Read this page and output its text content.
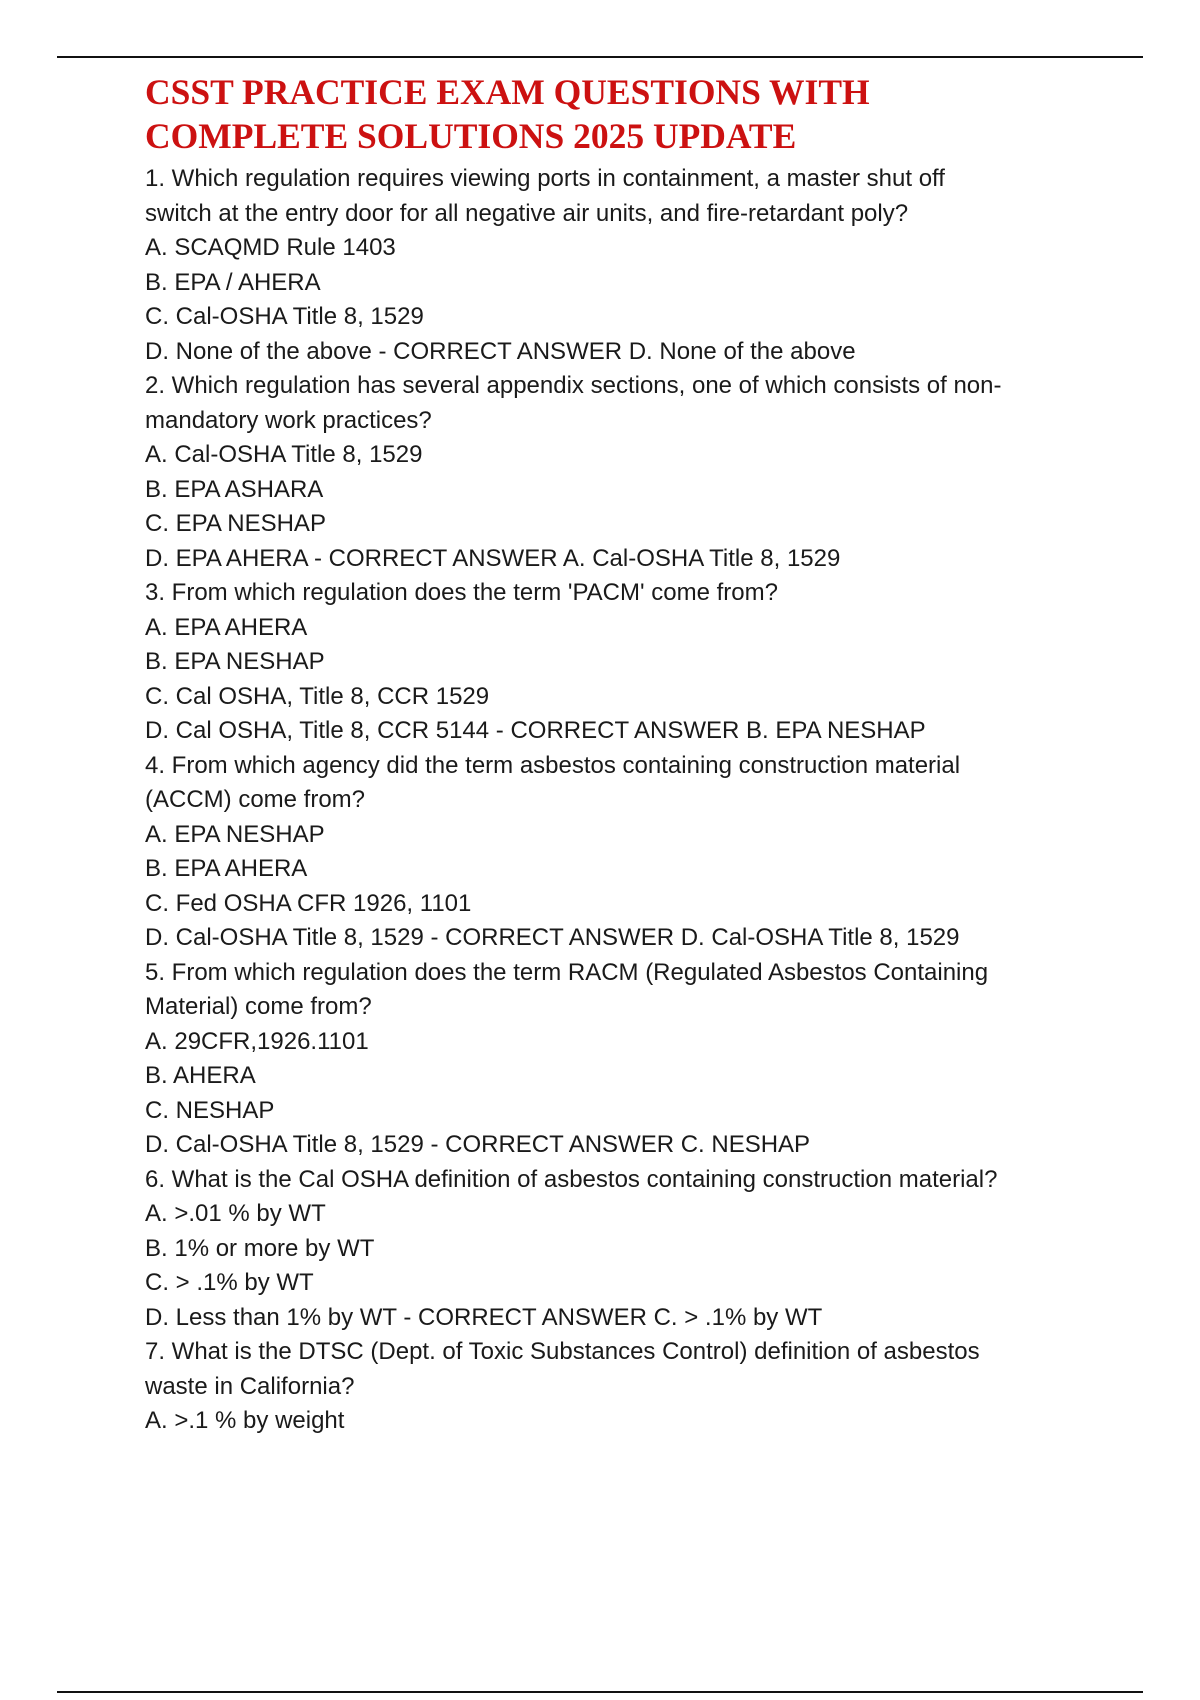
CSST PRACTICE EXAM QUESTIONS WITH
COMPLETE SOLUTIONS 2025 UPDATE
1. Which regulation requires viewing ports in containment, a master shut off
switch at the entry door for all negative air units, and fire-retardant poly?
A. SCAQMD Rule 1403
B. EPA / AHERA
C. Cal-OSHA Title 8, 1529
D. None of the above - CORRECT ANSWER D. None of the above
2. Which regulation has several appendix sections, one of which consists of non-
mandatory work practices?
A. Cal-OSHA Title 8, 1529
B. EPA ASHARA
C. EPA NESHAP
D. EPA AHERA - CORRECT ANSWER A. Cal-OSHA Title 8, 1529
3. From which regulation does the term 'PACM' come from?
A. EPA AHERA
B. EPA NESHAP
C. Cal OSHA, Title 8, CCR 1529
D. Cal OSHA, Title 8, CCR 5144 - CORRECT ANSWER B. EPA NESHAP
4. From which agency did the term asbestos containing construction material
(ACCM) come from?
A. EPA NESHAP
B. EPA AHERA
C. Fed OSHA CFR 1926, 1101
D. Cal-OSHA Title 8, 1529 - CORRECT ANSWER D. Cal-OSHA Title 8, 1529
5. From which regulation does the term RACM (Regulated Asbestos Containing
Material) come from?
A. 29CFR,1926.1101
B. AHERA
C. NESHAP
D. Cal-OSHA Title 8, 1529 - CORRECT ANSWER C. NESHAP
6. What is the Cal OSHA definition of asbestos containing construction material?
A. >.01 % by WT
B. 1% or more by WT
C. > .1% by WT
D. Less than 1% by WT - CORRECT ANSWER C. > .1% by WT
7. What is the DTSC (Dept. of Toxic Substances Control) definition of asbestos
waste in California?
A. >.1 % by weight
